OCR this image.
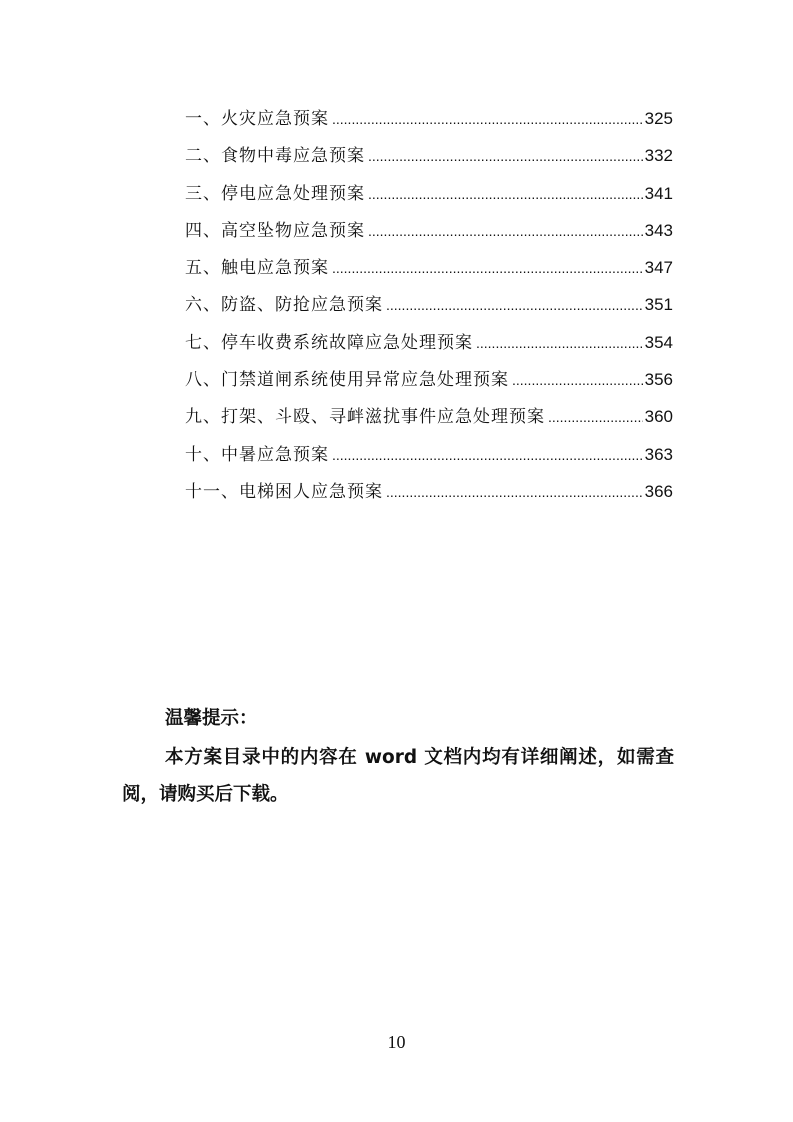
一、火灾应急预案 .....	325
二、食物中毒应急预案 .....	332
三、停电应急处理预案 .....	341
四、高空坠物应急预案 .....	343
五、触电应急预案 .....	347
六、防盗、防抢应急预案 .....	351
七、停车收费系统故障应急处理预案 .....	354
八、门禁道闸系统使用异常应急处理预案 .....	356
九、打架、斗殴、寻衅滋扰事件应急处理预案 .....	360
十、中暑应急预案 .....	363
十一、电梯困人应急预案 .....	366
温馨提示：
本方案目录中的内容在 word 文档内均有详细阐述，如需查阅，请购买后下载。
10
